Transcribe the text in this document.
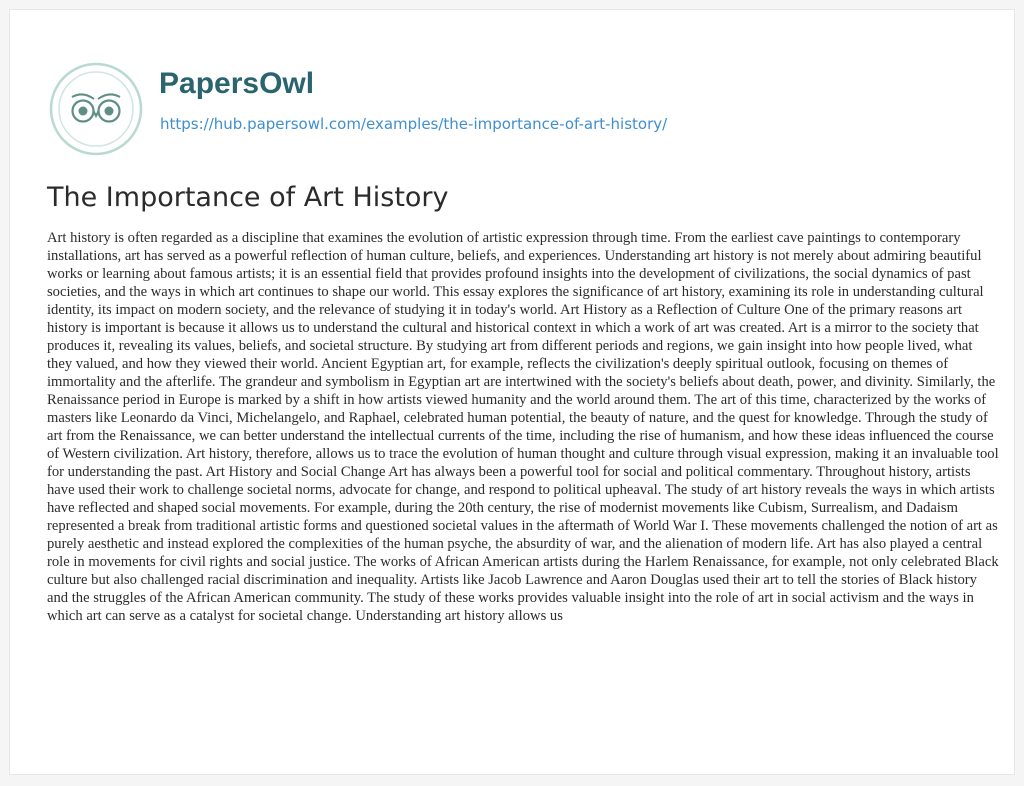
PapersOwl
https://hub.papersowl.com/examples/the-importance-of-art-history/
The Importance of Art History

Art history is often regarded as a discipline that examines the evolution of artistic expression through time. From the earliest cave paintings to contemporary installations, art has served as a powerful reflection of human culture, beliefs, and experiences. Understanding art history is not merely about admiring beautiful works or learning about famous artists; it is an essential field that provides profound insights into the development of civilizations, the social dynamics of past societies, and the ways in which art continues to shape our world. This essay explores the significance of art history, examining its role in understanding cultural identity, its impact on modern society, and the relevance of studying it in today's world. Art History as a Reflection of Culture One of the primary reasons art history is important is because it allows us to understand the cultural and historical context in which a work of art was created. Art is a mirror to the society that produces it, revealing its values, beliefs, and societal structure. By studying art from different periods and regions, we gain insight into how people lived, what they valued, and how they viewed their world. Ancient Egyptian art, for example, reflects the civilization's deeply spiritual outlook, focusing on themes of immortality and the afterlife. The grandeur and symbolism in Egyptian art are intertwined with the society's beliefs about death, power, and divinity. Similarly, the Renaissance period in Europe is marked by a shift in how artists viewed humanity and the world around them. The art of this time, characterized by the works of masters like Leonardo da Vinci, Michelangelo, and Raphael, celebrated human potential, the beauty of nature, and the quest for knowledge. Through the study of art from the Renaissance, we can better understand the intellectual currents of the time, including the rise of humanism, and how these ideas influenced the course of Western civilization. Art history, therefore, allows us to trace the evolution of human thought and culture through visual expression, making it an invaluable tool for understanding the past. Art History and Social Change Art has always been a powerful tool for social and political commentary. Throughout history, artists have used their work to challenge societal norms, advocate for change, and respond to political upheaval. The study of art history reveals the ways in which artists have reflected and shaped social movements. For example, during the 20th century, the rise of modernist movements like Cubism, Surrealism, and Dadaism represented a break from traditional artistic forms and questioned societal values in the aftermath of World War I. These movements challenged the notion of art as purely aesthetic and instead explored the complexities of the human psyche, the absurdity of war, and the alienation of modern life. Art has also played a central role in movements for civil rights and social justice. The works of African American artists during the Harlem Renaissance, for example, not only celebrated Black culture but also challenged racial discrimination and inequality. Artists like Jacob Lawrence and Aaron Douglas used their art to tell the stories of Black history and the struggles of the African American community. The study of these works provides valuable insight into the role of art in social activism and the ways in which art can serve as a catalyst for societal change. Understanding art history allows us
